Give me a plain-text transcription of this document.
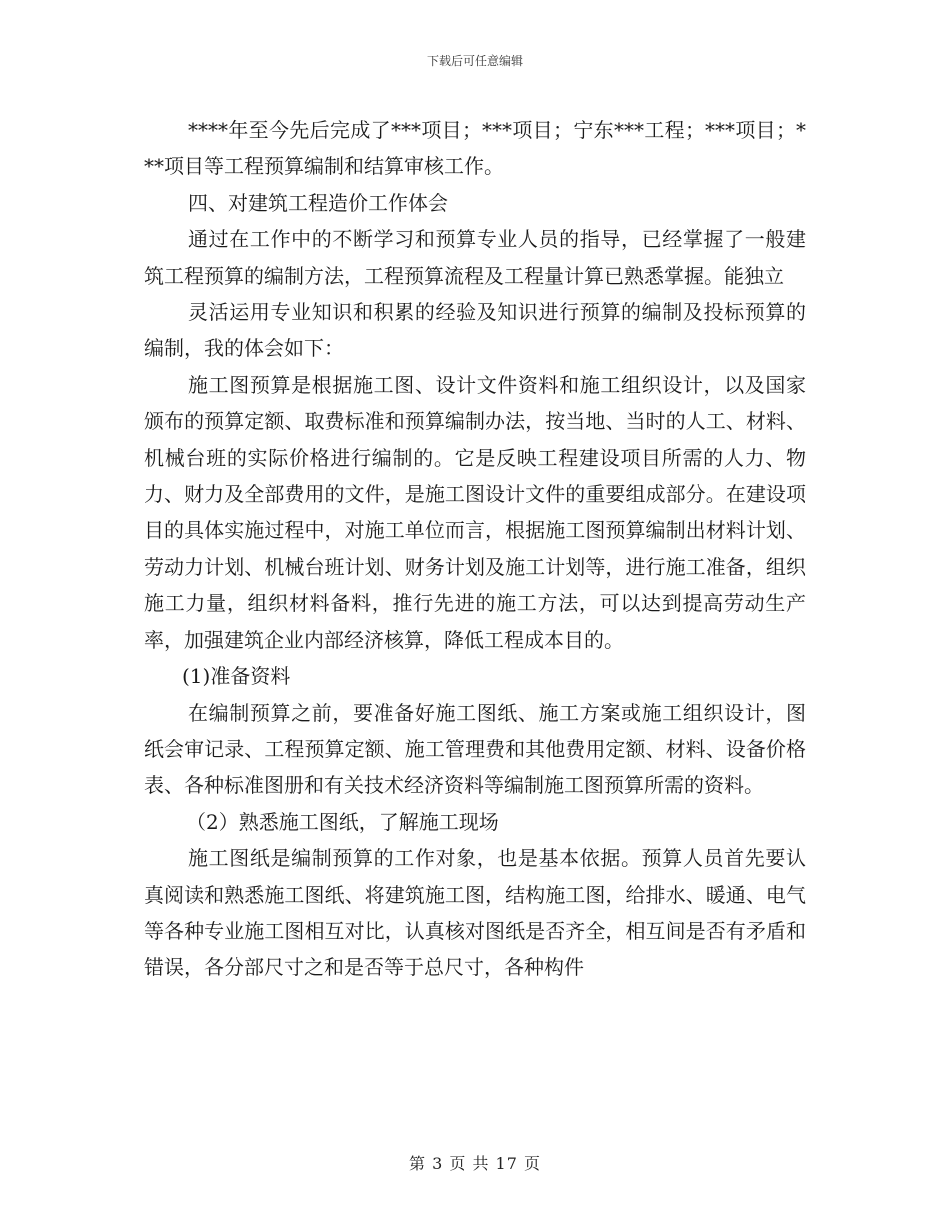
下载后可任意编辑

****年至今先后完成了***项目；***项目；宁东***工程；***项目；***项目等工程预算编制和结算审核工作。

四、对建筑工程造价工作体会

通过在工作中的不断学习和预算专业人员的指导，已经掌握了一般建筑工程预算的编制方法，工程预算流程及工程量计算已熟悉掌握。能独立

灵活运用专业知识和积累的经验及知识进行预算的编制及投标预算的编制，我的体会如下：

施工图预算是根据施工图、设计文件资料和施工组织设计，以及国家颁布的预算定额、取费标准和预算编制办法，按当地、当时的人工、材料、机械台班的实际价格进行编制的。它是反映工程建设项目所需的人力、物力、财力及全部费用的文件，是施工图设计文件的重要组成部分。在建设项目的具体实施过程中，对施工单位而言，根据施工图预算编制出材料计划、劳动力计划、机械台班计划、财务计划及施工计划等，进行施工准备，组织施工力量，组织材料备料，推行先进的施工方法，可以达到提高劳动生产率，加强建筑企业内部经济核算，降低工程成本目的。

(1)准备资料

在编制预算之前，要准备好施工图纸、施工方案或施工组织设计，图纸会审记录、工程预算定额、施工管理费和其他费用定额、材料、设备价格表、各种标准图册和有关技术经济资料等编制施工图预算所需的资料。

（2）熟悉施工图纸，了解施工现场

施工图纸是编制预算的工作对象，也是基本依据。预算人员首先要认真阅读和熟悉施工图纸、将建筑施工图，结构施工图，给排水、暖通、电气等各种专业施工图相互对比，认真核对图纸是否齐全，相互间是否有矛盾和错误，各分部尺寸之和是否等于总尺寸，各种构件

第 3 页 共 17 页
